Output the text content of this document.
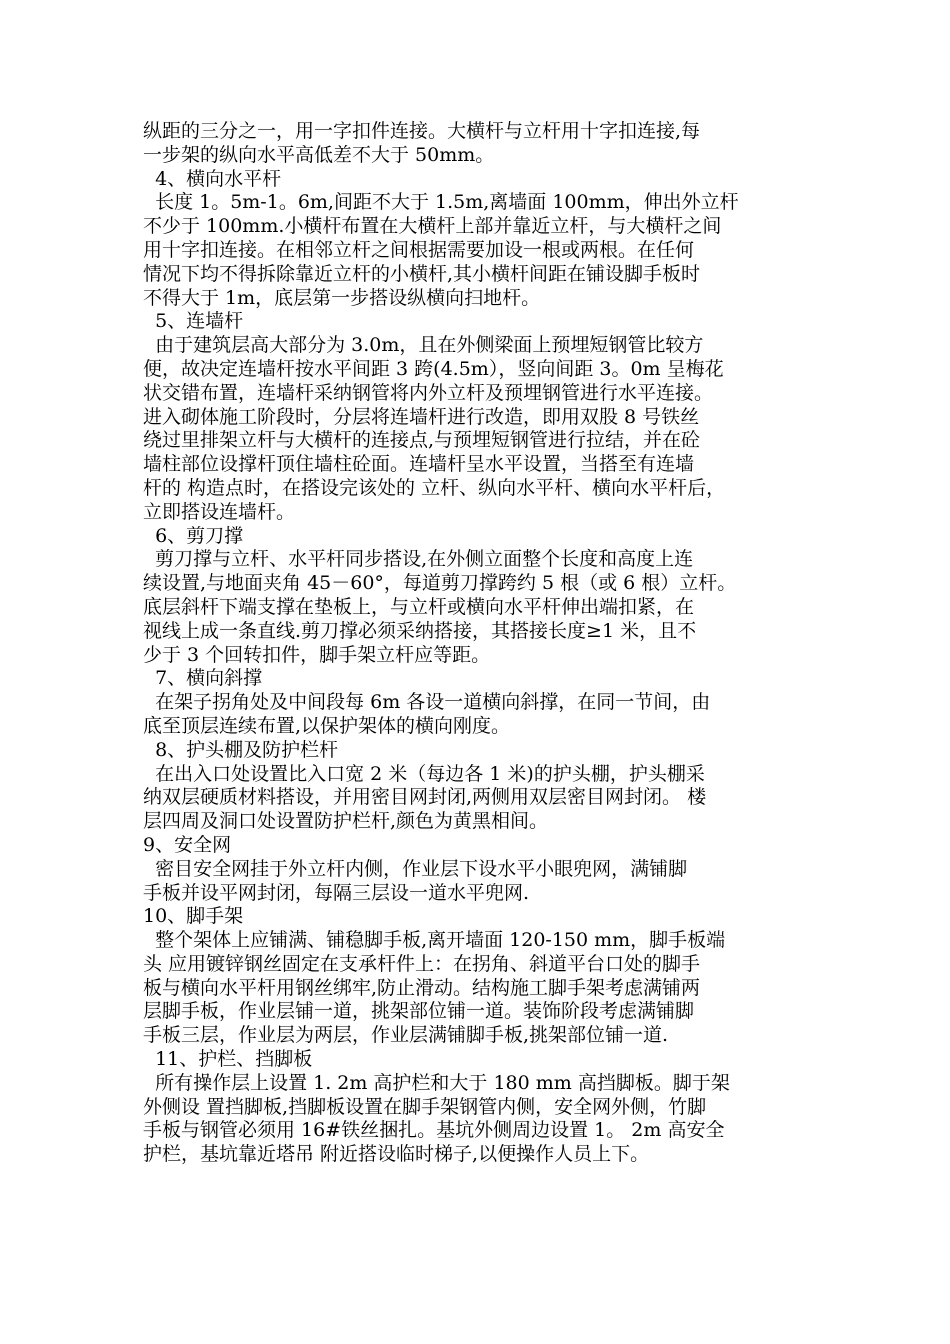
纵距的三分之一，用一字扣件连接。大横杆与立杆用十字扣连接,每
一步架的纵向水平高低差不大于 50mm。
4、横向水平杆
长度 1。5m-1。6m,间距不大于 1.5m,离墙面 100mm，伸出外立杆
不少于 100mm.小横杆布置在大横杆上部并靠近立杆，与大横杆之间
用十字扣连接。在相邻立杆之间根据需要加设一根或两根。在任何
情况下均不得拆除靠近立杆的小横杆,其小横杆间距在铺设脚手板时
不得大于 1m，底层第一步搭设纵横向扫地杆。
5、连墙杆
由于建筑层高大部分为 3.0m，且在外侧梁面上预埋短钢管比较方
便，故决定连墙杆按水平间距 3 跨(4.5m），竖向间距 3。0m 呈梅花
状交错布置，连墙杆采纳钢管将内外立杆及预埋钢管进行水平连接。
进入砌体施工阶段时，分层将连墙杆进行改造，即用双股 8 号铁丝
绕过里排架立杆与大横杆的连接点,与预埋短钢管进行拉结，并在砼
墙柱部位设撑杆顶住墙柱砼面。连墙杆呈水平设置，当搭至有连墙
杆的 构造点时，在搭设完该处的 立杆、纵向水平杆、横向水平杆后，
立即搭设连墙杆。
6、剪刀撑
剪刀撑与立杆、水平杆同步搭设,在外侧立面整个长度和高度上连
续设置,与地面夹角 45－60°，每道剪刀撑跨约 5 根（或 6 根）立杆。
底层斜杆下端支撑在垫板上，与立杆或横向水平杆伸出端扣紧，在
视线上成一条直线.剪刀撑必须采纳搭接，其搭接长度≥1 米，且不
少于 3 个回转扣件，脚手架立杆应等距。
7、横向斜撑
在架子拐角处及中间段每 6m 各设一道横向斜撑，在同一节间，由
底至顶层连续布置,以保护架体的横向刚度。
8、护头棚及防护栏杆
在出入口处设置比入口宽 2 米（每边各 1 米)的护头棚，护头棚采
纳双层硬质材料搭设，并用密目网封闭,两侧用双层密目网封闭。 楼
层四周及洞口处设置防护栏杆,颜色为黄黑相间。
9、安全网
密目安全网挂于外立杆内侧，作业层下设水平小眼兜网，满铺脚
手板并设平网封闭，每隔三层设一道水平兜网.
10、脚手架
整个架体上应铺满、铺稳脚手板,离开墙面 120-150 mm，脚手板端
头 应用镀锌钢丝固定在支承杆件上：在拐角、斜道平台口处的脚手
板与横向水平杆用钢丝绑牢,防止滑动。结构施工脚手架考虑满铺两
层脚手板，作业层铺一道，挑架部位铺一道。装饰阶段考虑满铺脚
手板三层，作业层为两层，作业层满铺脚手板,挑架部位铺一道.
11、护栏、挡脚板
所有操作层上设置 1. 2m 高护栏和大于 180 mm 高挡脚板。脚于架
外侧设 置挡脚板,挡脚板设置在脚手架钢管内侧，安全网外侧，竹脚
手板与钢管必须用 16#铁丝捆扎。基坑外侧周边设置 1。 2m 高安全
护栏，基坑靠近塔吊 附近搭设临时梯子,以便操作人员上下。
